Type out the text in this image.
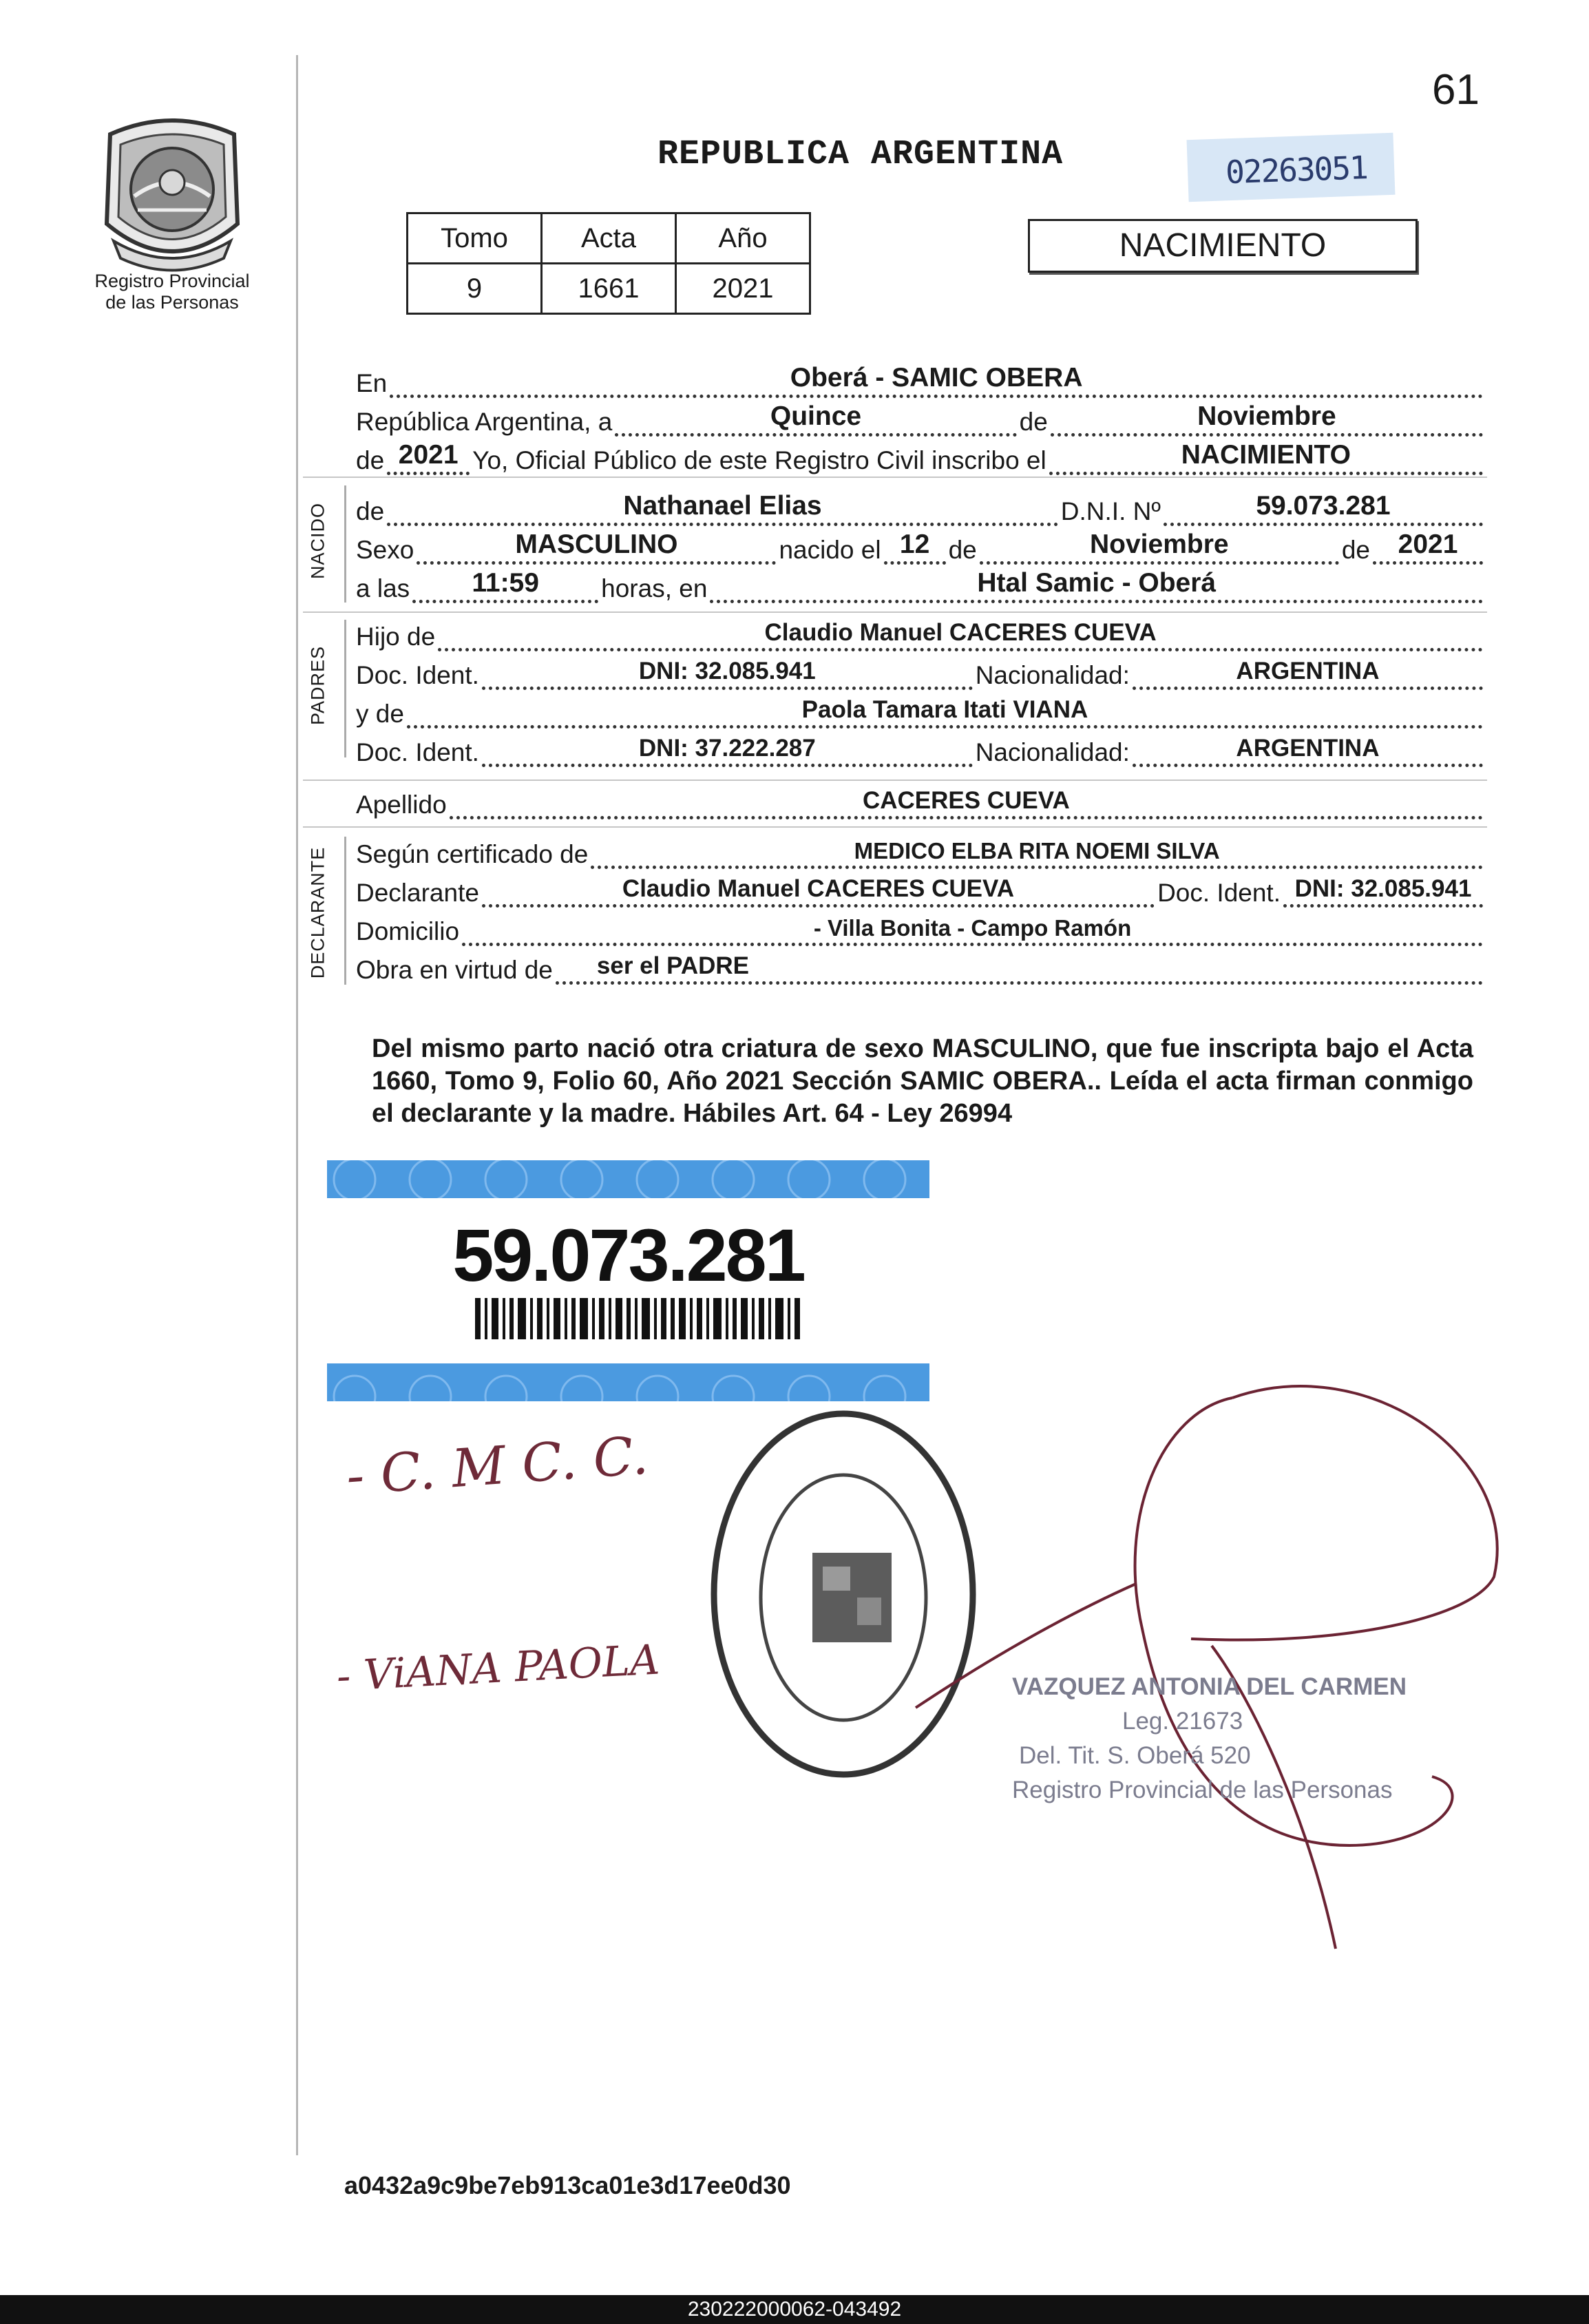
61
Registro Provincial
de las Personas
REPUBLICA ARGENTINA	02263051
Tomo	Acta	Año
9	1661	2021
NACIMIENTO
En	Oberá - SAMIC OBERA
República Argentina, a	Quince	de	Noviembre
de 2021 Yo, Oficial Público de este Registro Civil inscribo el	NACIMIENTO
NACIDO de	Nathanael Elias	D.N.I. Nº	59.073.281
Sexo	MASCULINO	nacido el 12 de	Noviembre	de 2021
a las 11:59 horas, en	Htal Samic - Oberá
PADRES
Hijo de	Claudio Manuel CACERES CUEVA
Doc. Ident.	DNI: 32.085.941	Nacionalidad:	ARGENTINA
y de	Paola Tamara Itati VIANA
Doc. Ident.	DNI: 37.222.287	Nacionalidad:	ARGENTINA
Apellido	CACERES CUEVA
DECLARANTE Según certificado de	MEDICO ELBA RITA NOEMI SILVA
Declarante	Claudio Manuel CACERES CUEVA	Doc. Ident. DNI: 32.085.941
Domicilio	- Villa Bonita - Campo Ramón
Obra en virtud de ser el PADRE
Del mismo parto nació otra criatura de sexo MASCULINO, que fue inscripta bajo el Acta 1660, Tomo 9, Folio 60, Año 2021 Sección SAMIC OBERA.. Leída el acta firman conmigo el declarante y la madre. Hábiles Art. 64 - Ley 26994
59.073.281
- C. M C. C.
- ViANA PAOLA	VAZQUEZ ANTONIA DEL CARMEN
Leg. 21673
Del. Tit. S. Oberá 520
Registro Provincial de las Personas
a0432a9c9be7eb913ca01e3d17ee0d30
230222000062-043492
